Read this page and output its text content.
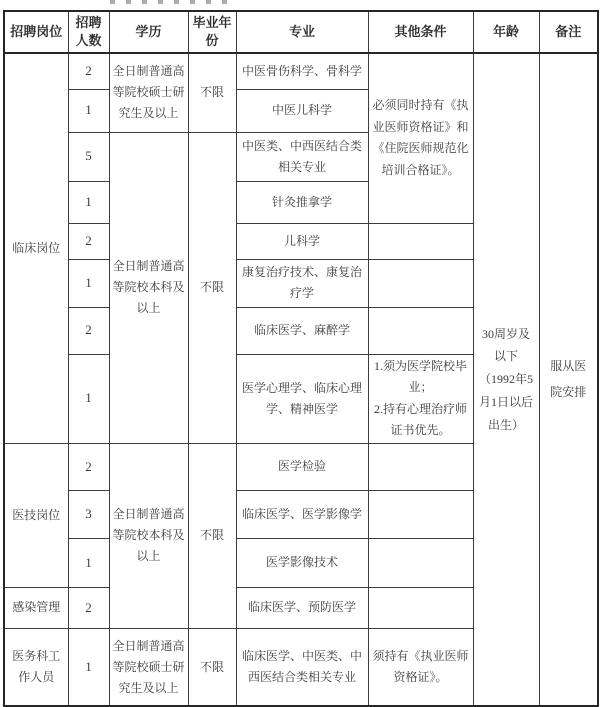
招聘岗位	招聘人数	学历	毕业年份	专业	其他条件	年龄	备注
临床岗位	2	全日制普通高等院校硕士研究生及以上	不限	中医骨伤科学、骨科学	必须同时持有《执业医师资格证》和《住院医师规范化培训合格证》。	30周岁及以下（1992年5月1日以后出生）	服从医院安排
	1			中医儿科学			
	5	全日制普通高等院校本科及以上	不限	中医类、中西医结合类相关专业			
	1			针灸推拿学			
	2			儿科学			
	1			康复治疗技术、康复治疗学			
	2			临床医学、麻醉学			
	1			医学心理学、临床心理学、精神医学	1.须为医学院校毕业；
2.持有心理治疗师证书优先。		

医技岗位	2	全日制普通高等院校本科及以上	不限	医学检验			
	3			临床医学、医学影像学			
	1			医学影像技术			
感染管理	2			临床医学、预防医学			
医务科工作人员	1	全日制普通高等院校硕士研究生及以上	不限	临床医学、中医类、中西医结合类相关专业	须持有《执业医师资格证》。		
